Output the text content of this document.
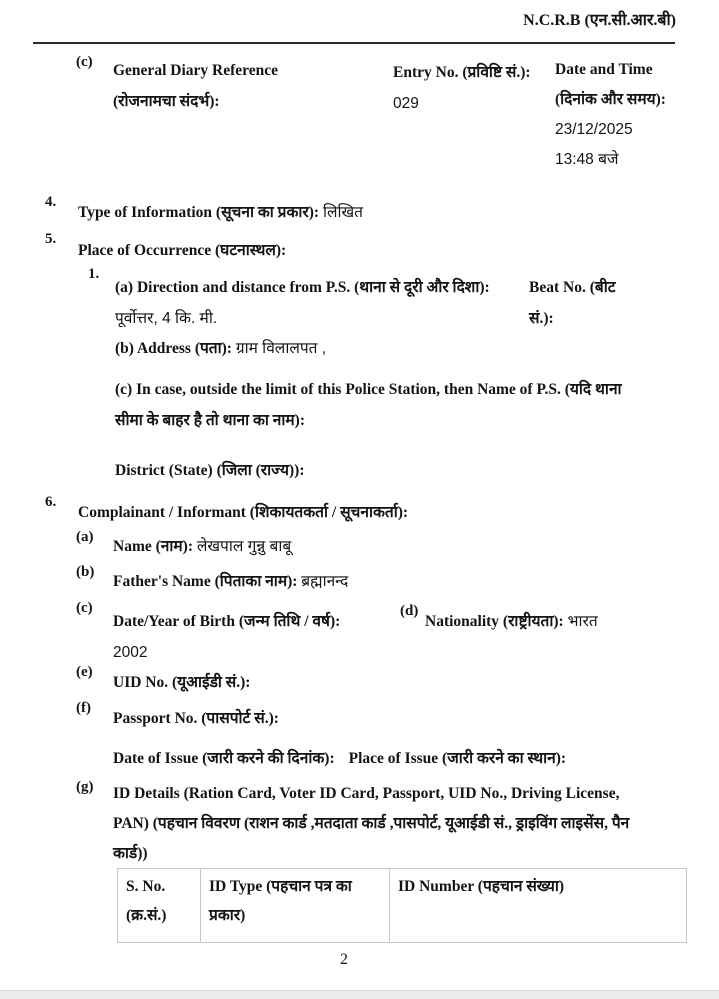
N.C.R.B (एन.सी.आर.बी)
(c) General Diary Reference
(रोजनामचा संदर्भ):
Entry No. (प्रविष्टि सं.): 029
Date and Time (दिनांक और समय):
23/12/2025
13:48 बजे
4.
Type of Information (सूचना का प्रकार): लिखित
5.
Place of Occurrence (घटनास्थल):
1.
(a) Direction and distance from P.S. (थाना से दूरी और दिशा): पूर्वोत्तर, 4 कि. मी.
Beat No. (बीट सं.):
(b) Address (पता): ग्राम विलालपत ,
(c) In case, outside the limit of this Police Station, then Name of P.S. (यदि थाना सीमा के बाहर है तो थाना का नाम):
District (State) (जिला (राज्य)):
6.
Complainant / Informant (शिकायतकर्ता / सूचनाकर्ता):
(a)
Name (नाम): लेखपाल गुन्नु बाबू
(b)
Father's Name (पिताका नाम): ब्रह्मानन्द
(c)
Date/Year of Birth (जन्म तिथि / वर्ष): 2002
(d)
Nationality (राष्ट्रीयता): भारत
(e)
UID No. (यूआईडी सं.):
(f)
Passport No. (पासपोर्ट सं.):
Date of Issue (जारी करने की दिनांक): Place of Issue (जारी करने का स्थान):
(g) ID Details (Ration Card, Voter ID Card, Passport, UID No., Driving License, PAN) (पहचान विवरण (राशन कार्ड ,मतदाता कार्ड ,पासपोर्ट, यूआईडी सं., ड्राइविंग लाइसेंस, पैन कार्ड))
S. No. (क्र.सं.)	ID Type (पहचान पत्र का प्रकार)	ID Number (पहचान संख्या)
2
